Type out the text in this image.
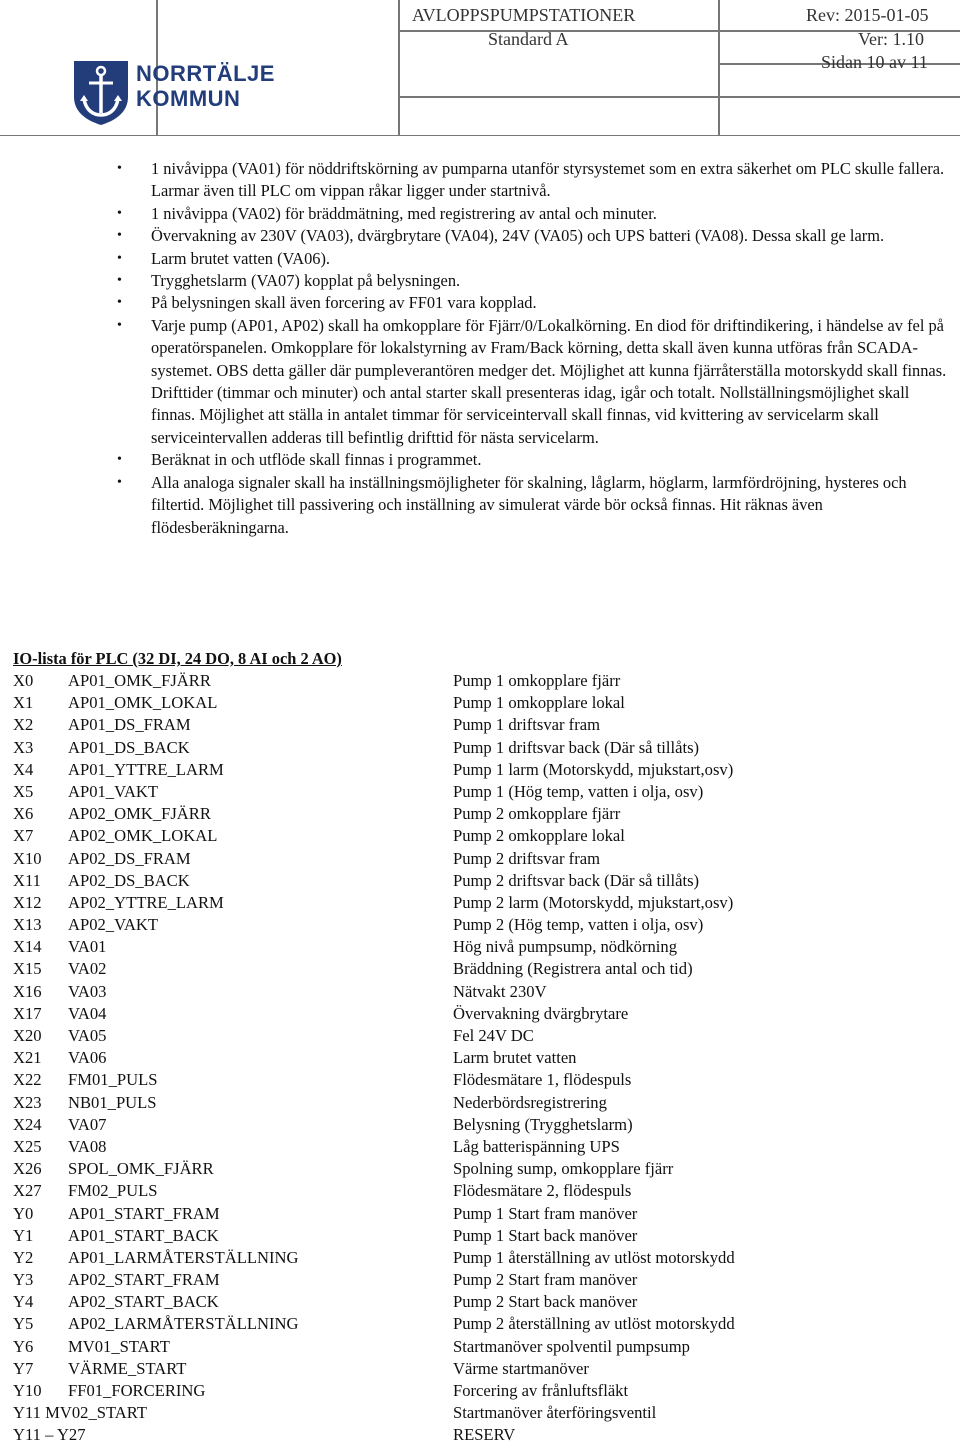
NORRTÄLJE
KOMMUN
AVLOPPSPUMPSTATIONER	Rev: 2015-01-05
Standard A	Ver: 1.10
Sidan 10 av 11
• 1 nivåvippa (VA01) för nöddriftskörning av pumparna utanför styrsystemet som en extra säkerhet om PLC skulle fallera. Larmar även till PLC om vippan råkar ligger under startnivå.
• 1 nivåvippa (VA02) för bräddmätning, med registrering av antal och minuter.
• Övervakning av 230V (VA03), dvärgbrytare (VA04), 24V (VA05) och UPS batteri (VA08). Dessa skall ge larm.
• Larm brutet vatten (VA06).
• Trygghetslarm (VA07) kopplat på belysningen.
• På belysningen skall även forcering av FF01 vara kopplad.
• Varje pump (AP01, AP02) skall ha omkopplare för Fjärr/0/Lokalkörning. En diod för driftindikering, i händelse av fel på operatörspanelen. Omkopplare för lokalstyrning av Fram/Back körning, detta skall även kunna utföras från SCADA-systemet. OBS detta gäller där pumpleverantören medger det. Möjlighet att kunna fjärråterställa motorskydd skall finnas. Drifttider (timmar och minuter) och antal starter skall presenteras idag, igår och totalt. Nollställningsmöjlighet skall finnas. Möjlighet att ställa in antalet timmar för serviceintervall skall finnas, vid kvittering av servicelarm skall serviceintervallen adderas till befintlig drifttid för nästa servicelarm.
• Beräknat in och utflöde skall finnas i programmet.
• Alla analoga signaler skall ha inställningsmöjligheter för skalning, låglarm, höglarm, larmfördröjning, hysteres och filtertid. Möjlighet till passivering och inställning av simulerat värde bör också finnas. Hit räknas även flödesberäkningarna.
IO-lista för PLC (32 DI, 24 DO, 8 AI och 2 AO)
X0 AP01_OMK_FJÄRR	Pump 1 omkopplare fjärr
X1 AP01_OMK_LOKAL	Pump 1 omkopplare lokal
X2 AP01_DS_FRAM	Pump 1 driftsvar fram
X3 AP01_DS_BACK	Pump 1 driftsvar back (Där så tillåts)
X4 AP01_YTTRE_LARM	Pump 1 larm (Motorskydd, mjukstart,osv)
X5 AP01_VAKT	Pump 1 (Hög temp, vatten i olja, osv)
X6 AP02_OMK_FJÄRR	Pump 2 omkopplare fjärr
X7 AP02_OMK_LOKAL	Pump 2 omkopplare lokal
X10 AP02_DS_FRAM	Pump 2 driftsvar fram
X11 AP02_DS_BACK	Pump 2 driftsvar back (Där så tillåts)
X12 AP02_YTTRE_LARM	Pump 2 larm (Motorskydd, mjukstart,osv)
X13 AP02_VAKT	Pump 2 (Hög temp, vatten i olja, osv)
X14 VA01	Hög nivå pumpsump, nödkörning
X15 VA02	Bräddning (Registrera antal och tid)
X16 VA03	Nätvakt 230V
X17 VA04	Övervakning dvärgbrytare
X20 VA05	Fel 24V DC
X21 VA06	Larm brutet vatten
X22 FM01_PULS	Flödesmätare 1, flödespuls
X23 NB01_PULS	Nederbördsregistrering
X24 VA07	Belysning (Trygghetslarm)
X25 VA08	Låg batterispänning UPS
X26 SPOL_OMK_FJÄRR	Spolning sump, omkopplare fjärr
X27 FM02_PULS	Flödesmätare 2, flödespuls
Y0 AP01_START_FRAM	Pump 1 Start fram manöver
Y1 AP01_START_BACK	Pump 1 Start back manöver
Y2 AP01_LARMÅTERSTÄLLNING	Pump 1 återställning av utlöst motorskydd
Y3 AP02_START_FRAM	Pump 2 Start fram manöver
Y4 AP02_START_BACK	Pump 2 Start back manöver
Y5 AP02_LARMÅTERSTÄLLNING	Pump 2 återställning av utlöst motorskydd
Y6 MV01_START	Startmanöver spolventil pumpsump
Y7 VÄRME_START	Värme startmanöver
Y10 FF01_FORCERING	Forcering av frånluftsfläkt
Y11 MV02_START	Startmanöver återföringsventil
Y11 – Y27	RESERV
